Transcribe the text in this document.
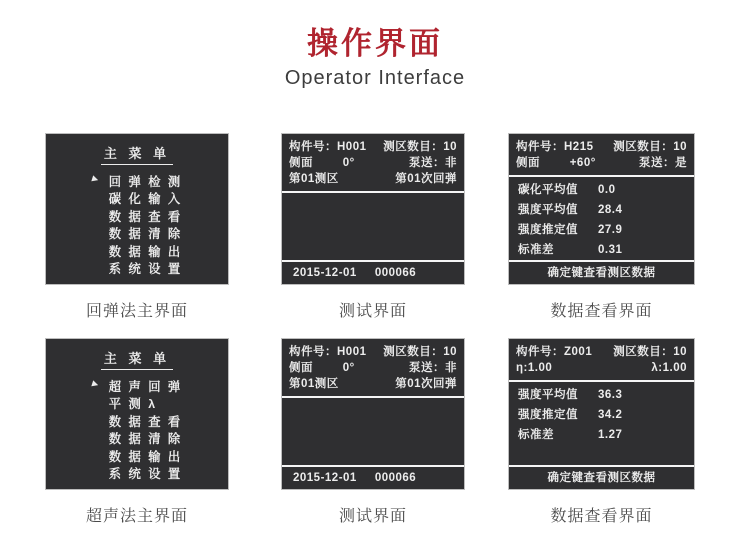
操作界面
Operator Interface
主 菜 单
▶ 回 弹 检 测
碳 化 输 入
数 据 查 看
数 据 清 除
数 据 输 出
系 统 设 置
回弹法主界面
构件号：H001 测区数目：10
侧面	0°	泵送：非
第01测区	第01次回弹
2015-12-01 000066
测试界面
构件号：H215 测区数目：10
侧面	+60°	泵送：是
碳化平均值	0.0
强度平均值	28.4
强度推定值	27.9
标准差	0.31
确定键查看测区数据
数据查看界面
主 菜 单
▶ 超 声 回 弹
平 测 λ
数 据 查 看
数 据 清 除
数 据 输 出
系 统 设 置
超声法主界面
构件号：H001 测区数目：10
侧面	0°	泵送：非
第01测区	第01次回弹
2015-12-01 000066
测试界面
构件号：Z001 测区数目：10
η:1.00	λ:1.00
强度平均值	36.3
强度推定值	34.2
标准差	1.27
确定键查看测区数据
数据查看界面
